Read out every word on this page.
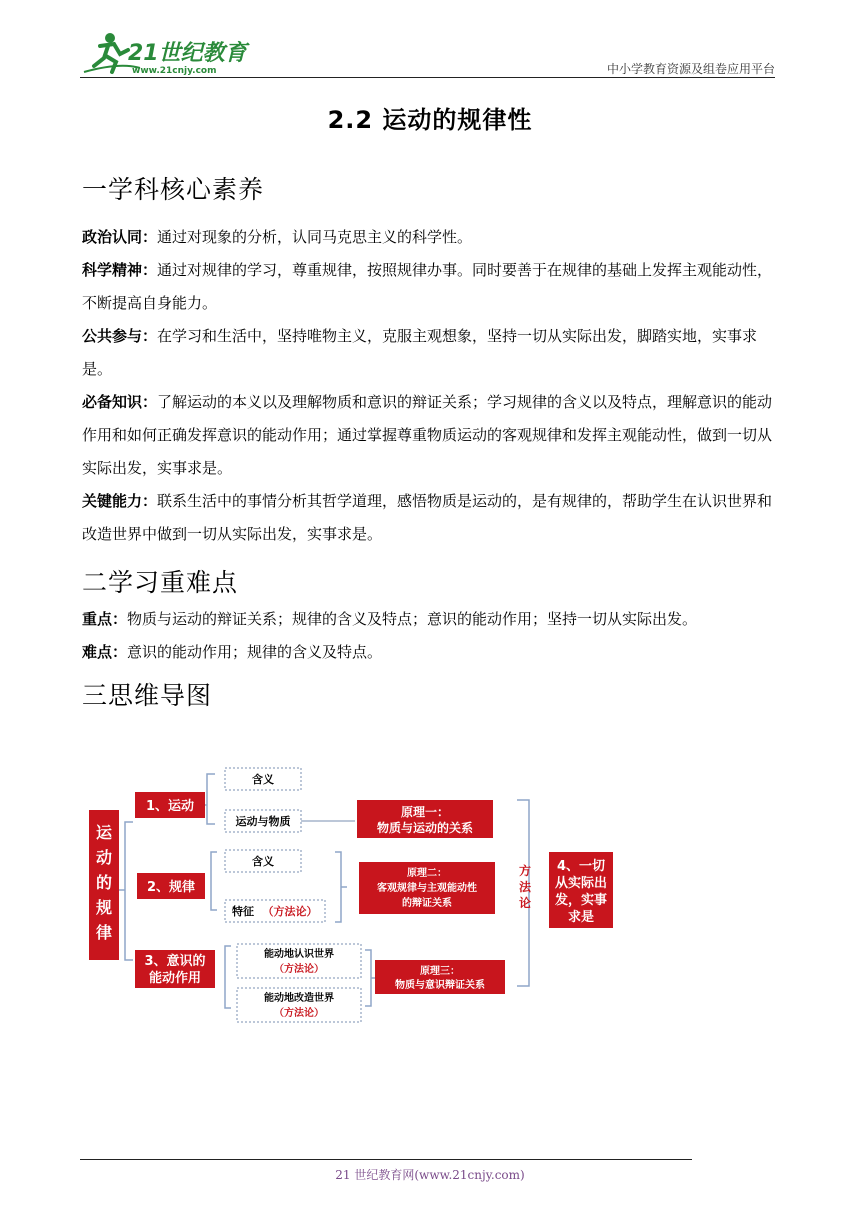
21世纪教育
www.21cnjy.com	中小学教育资源及组卷应用平台
2.2 运动的规律性
一学科核心素养
政治认同：通过对现象的分析，认同马克思主义的科学性。
科学精神：通过对规律的学习，尊重规律，按照规律办事。同时要善于在规律的基础上发挥主观能动性，不断提高自身能力。
公共参与：在学习和生活中，坚持唯物主义，克服主观想象，坚持一切从实际出发，脚踏实地，实事求是。
必备知识：了解运动的本义以及理解物质和意识的辩证关系；学习规律的含义以及特点，理解意识的能动作用和如何正确发挥意识的能动作用；通过掌握尊重物质运动的客观规律和发挥主观能动性，做到一切从实际出发，实事求是。
关键能力：联系生活中的事情分析其哲学道理，感悟物质是运动的，是有规律的，帮助学生在认识世界和改造世界中做到一切从实际出发，实事求是。
二学习重难点
重点：物质与运动的辩证关系；规律的含义及特点；意识的能动作用；坚持一切从实际出发。
难点：意识的能动作用；规律的含义及特点。
三思维导图
运
动
的
规
律
1、运动
含义
运动与物质
原理一：
物质与运动的关系
2、规律
含义
特征 （方法论）
原理二：
客观规律与主观能动性
的辩证关系
3、意识的
能动作用
能动地认识世界
（方法论）
能动地改造世界
（方法论）
原理三：
物质与意识辩证关系
方
法
论
4、一切
从实际出
发，实事
求是
21 世纪教育网(www.21cnjy.com)
